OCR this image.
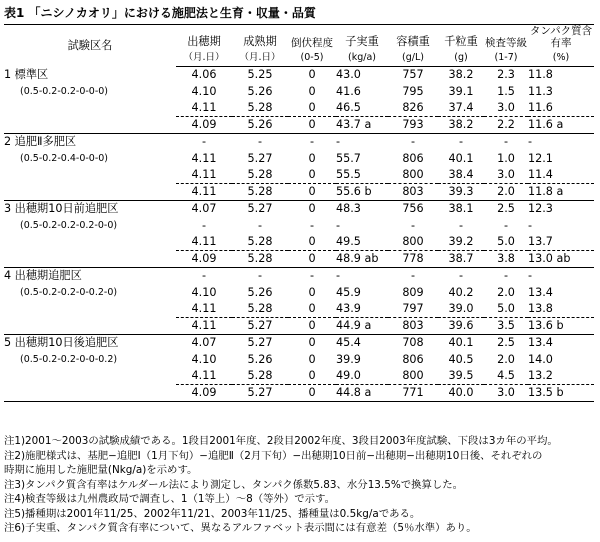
表1 「ニシノカオリ」における施肥法と生育・収量・品質
試験区名	出穂期	成熟期	倒伏程度	子実重	容積重	千粒重	検査等級	タンパク質含有率
	（月.日）	（月.日）	(0-5)	(kg/a)	(g/L)	(g)	(1-7)	(%)
1 標準区	4.06	5.25	0	43.0	757	38.2	2.3	11.8
(0.5-0.2-0.2-0-0-0)	4.10	5.26	0	41.6	795	39.1	1.5	11.3
	4.11	5.28	0	46.5	826	37.4	3.0	11.6
	4.09	5.26	0	43.7 a	793	38.2	2.2	11.6 a
2 追肥Ⅱ多肥区	-	-	-	-	-	-	-	-
(0.5-0.2-0.4-0-0-0)	4.11	5.27	0	55.7	806	40.1	1.0	12.1
	4.11	5.28	0	55.5	800	38.4	3.0	11.4
	4.11	5.28	0	55.6 b	803	39.3	2.0	11.8 a
3 出穂期10日前追肥区	4.07	5.27	0	48.3	756	38.1	2.5	12.3
(0.5-0.2-0.2-0.2-0-0)	-	-	-	-	-	-	-	-
	4.11	5.28	0	49.5	800	39.2	5.0	13.7
	4.09	5.28	0	48.9 ab	778	38.7	3.8	13.0 ab
4 出穂期追肥区	-	-	-	-	-	-	-	-
(0.5-0.2-0.2-0-0.2-0)	4.10	5.26	0	45.9	809	40.2	2.0	13.4
	4.11	5.28	0	43.9	797	39.0	5.0	13.8
	4.11	5.27	0	44.9 a	803	39.6	3.5	13.6 b
5 出穂期10日後追肥区	4.07	5.27	0	45.4	708	40.1	2.5	13.4
(0.5-0.2-0.2-0-0-0.2)	4.10	5.26	0	39.9	806	40.5	2.0	14.0
	4.11	5.28	0	49.0	800	39.5	4.5	13.2
	4.09	5.27	0	44.8 a	771	40.0	3.0	13.5 b
注1)2001～2003の試験成績である。1段目2001年度、2段目2002年度、3段目2003年度試験、下段は3カ年の平均。
注2)施肥様式は、基肥−追肥Ⅰ（1月下旬）−追肥Ⅱ（2月下旬）−出穂期10日前−出穂期−出穂期10日後、それぞれの
時期に施用した施肥量(Nkg/a)を示めす。
注3)タンパク質含有率はケルダール法により測定し、タンパク係数5.83、水分13.5%で換算した。
注4)検査等級は九州農政局で調査し、1（1等上）～8（等外）で示す。
注5)播種期は2001年11/25、2002年11/21、2003年11/25、播種量は0.5kg/aである。
注6)子実重、タンパク質含有率について、異なるアルファベット表示間には有意差（5％水準）あり。
